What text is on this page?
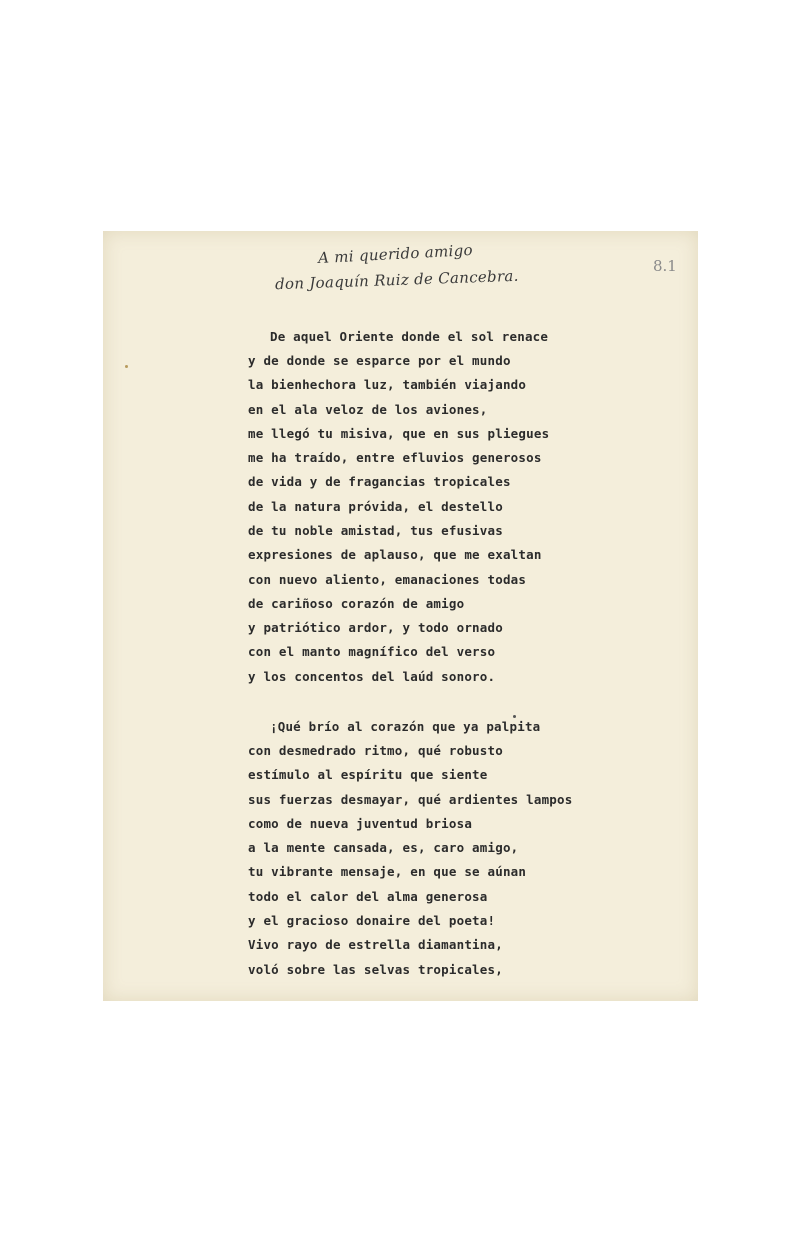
A mi querido amigo
don Joaquín Ruiz de Cancebra.
8.1
De aquel Oriente donde el sol renace
y de donde se esparce por el mundo
la bienhechora luz, también viajando
en el ala veloz de los aviones,
me llegó tu misiva, que en sus pliegues
me ha traído, entre efluvios generosos
de vida y de fragancias tropicales
de la natura próvida, el destello
de tu noble amistad, tus efusivas
expresiones de aplauso, que me exaltan
con nuevo aliento, emanaciones todas
de cariñoso corazón de amigo
y patriótico ardor, y todo ornado
con el manto magnífico del verso
y los concentos del laúd sonoro.
¡Qué brío al corazón que ya palpita
con desmedrado ritmo, qué robusto
estímulo al espíritu que siente
sus fuerzas desmayar, qué ardientes lampos
como de nueva juventud briosa
a la mente cansada, es, caro amigo,
tu vibrante mensaje, en que se aúnan
todo el calor del alma generosa
y el gracioso donaire del poeta!
Vivo rayo de estrella diamantina,
voló sobre las selvas tropicales,
